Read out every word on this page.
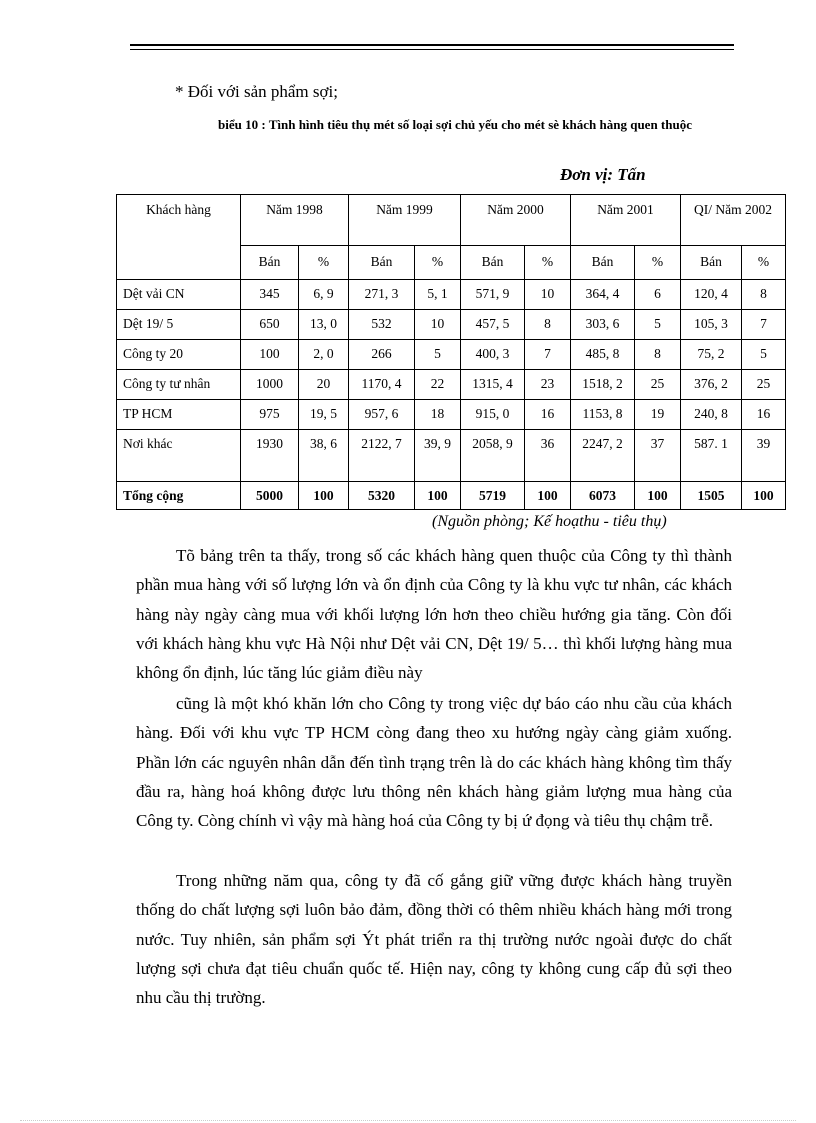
* Đối với sản phẩm sợi;
biểu 10 : Tình hình tiêu thụ mét số loại sợi chủ yếu cho mét sè khách hàng quen thuộc
Đơn vị: Tấn
Khách hàng	Năm 1998		Năm 1999		Năm 2000		Năm 2001		QI/ Năm 2002	
	Bán	%	Bán	%	Bán	%	Bán	%	Bán	%
Dệt vải CN	345	6, 9	271, 3	5, 1	571, 9	10	364, 4	6	120, 4	8
Dệt 19/ 5	650	13, 0	532	10	457, 5	8	303, 6	5	105, 3	7
Công ty 20	100	2, 0	266	5	400, 3	7	485, 8	8	75, 2	5
Công ty tư nhân	1000	20	1170, 4	22	1315, 4	23	1518, 2	25	376, 2	25
TP HCM	975	19, 5	957, 6	18	915, 0	16	1153, 8	19	240, 8	16
Nơi khác	1930	38, 6	2122, 7	39, 9	2058, 9	36	2247, 2	37	587. 1	39
Tổng cộng	5000	100	5320	100	5719	100	6073	100	1505	100
(Nguồn phòng; Kế hoạthu - tiêu thụ)
Tõ bảng trên ta thấy, trong số các khách hàng quen thuộc của Công ty thì thành phần mua hàng với số lượng lớn và ổn định của Công ty là khu vực tư nhân, các khách hàng này ngày càng mua với khối lượng lớn hơn theo chiều hướng gia tăng. Còn đối với khách hàng khu vực Hà Nội như Dệt vải CN, Dệt 19/ 5… thì khối lượng hàng mua không ổn định, lúc tăng lúc giảm điều này
cũng là một khó khăn lớn cho Công ty trong việc dự báo cáo nhu cầu của khách hàng. Đối với khu vực TP HCM còng đang theo xu hướng ngày càng giảm xuống. Phần lớn các nguyên nhân dẫn đến tình trạng trên là do các khách hàng không tìm thấy đầu ra, hàng hoá không được lưu thông nên khách hàng giảm lượng mua hàng của Công ty. Còng chính vì vậy mà hàng hoá của Công ty bị ứ đọng và tiêu thụ chậm trễ.
Trong những năm qua, công ty đã cố gắng giữ vững được khách hàng truyền thống do chất lượng sợi luôn bảo đảm, đồng thời có thêm nhiều khách hàng mới trong nước. Tuy nhiên, sản phẩm sợi Ýt phát triển ra thị trường nước ngoài được do chất lượng sợi chưa đạt tiêu chuẩn quốc tế. Hiện nay, công ty không cung cấp đủ sợi theo nhu cầu thị trường.
